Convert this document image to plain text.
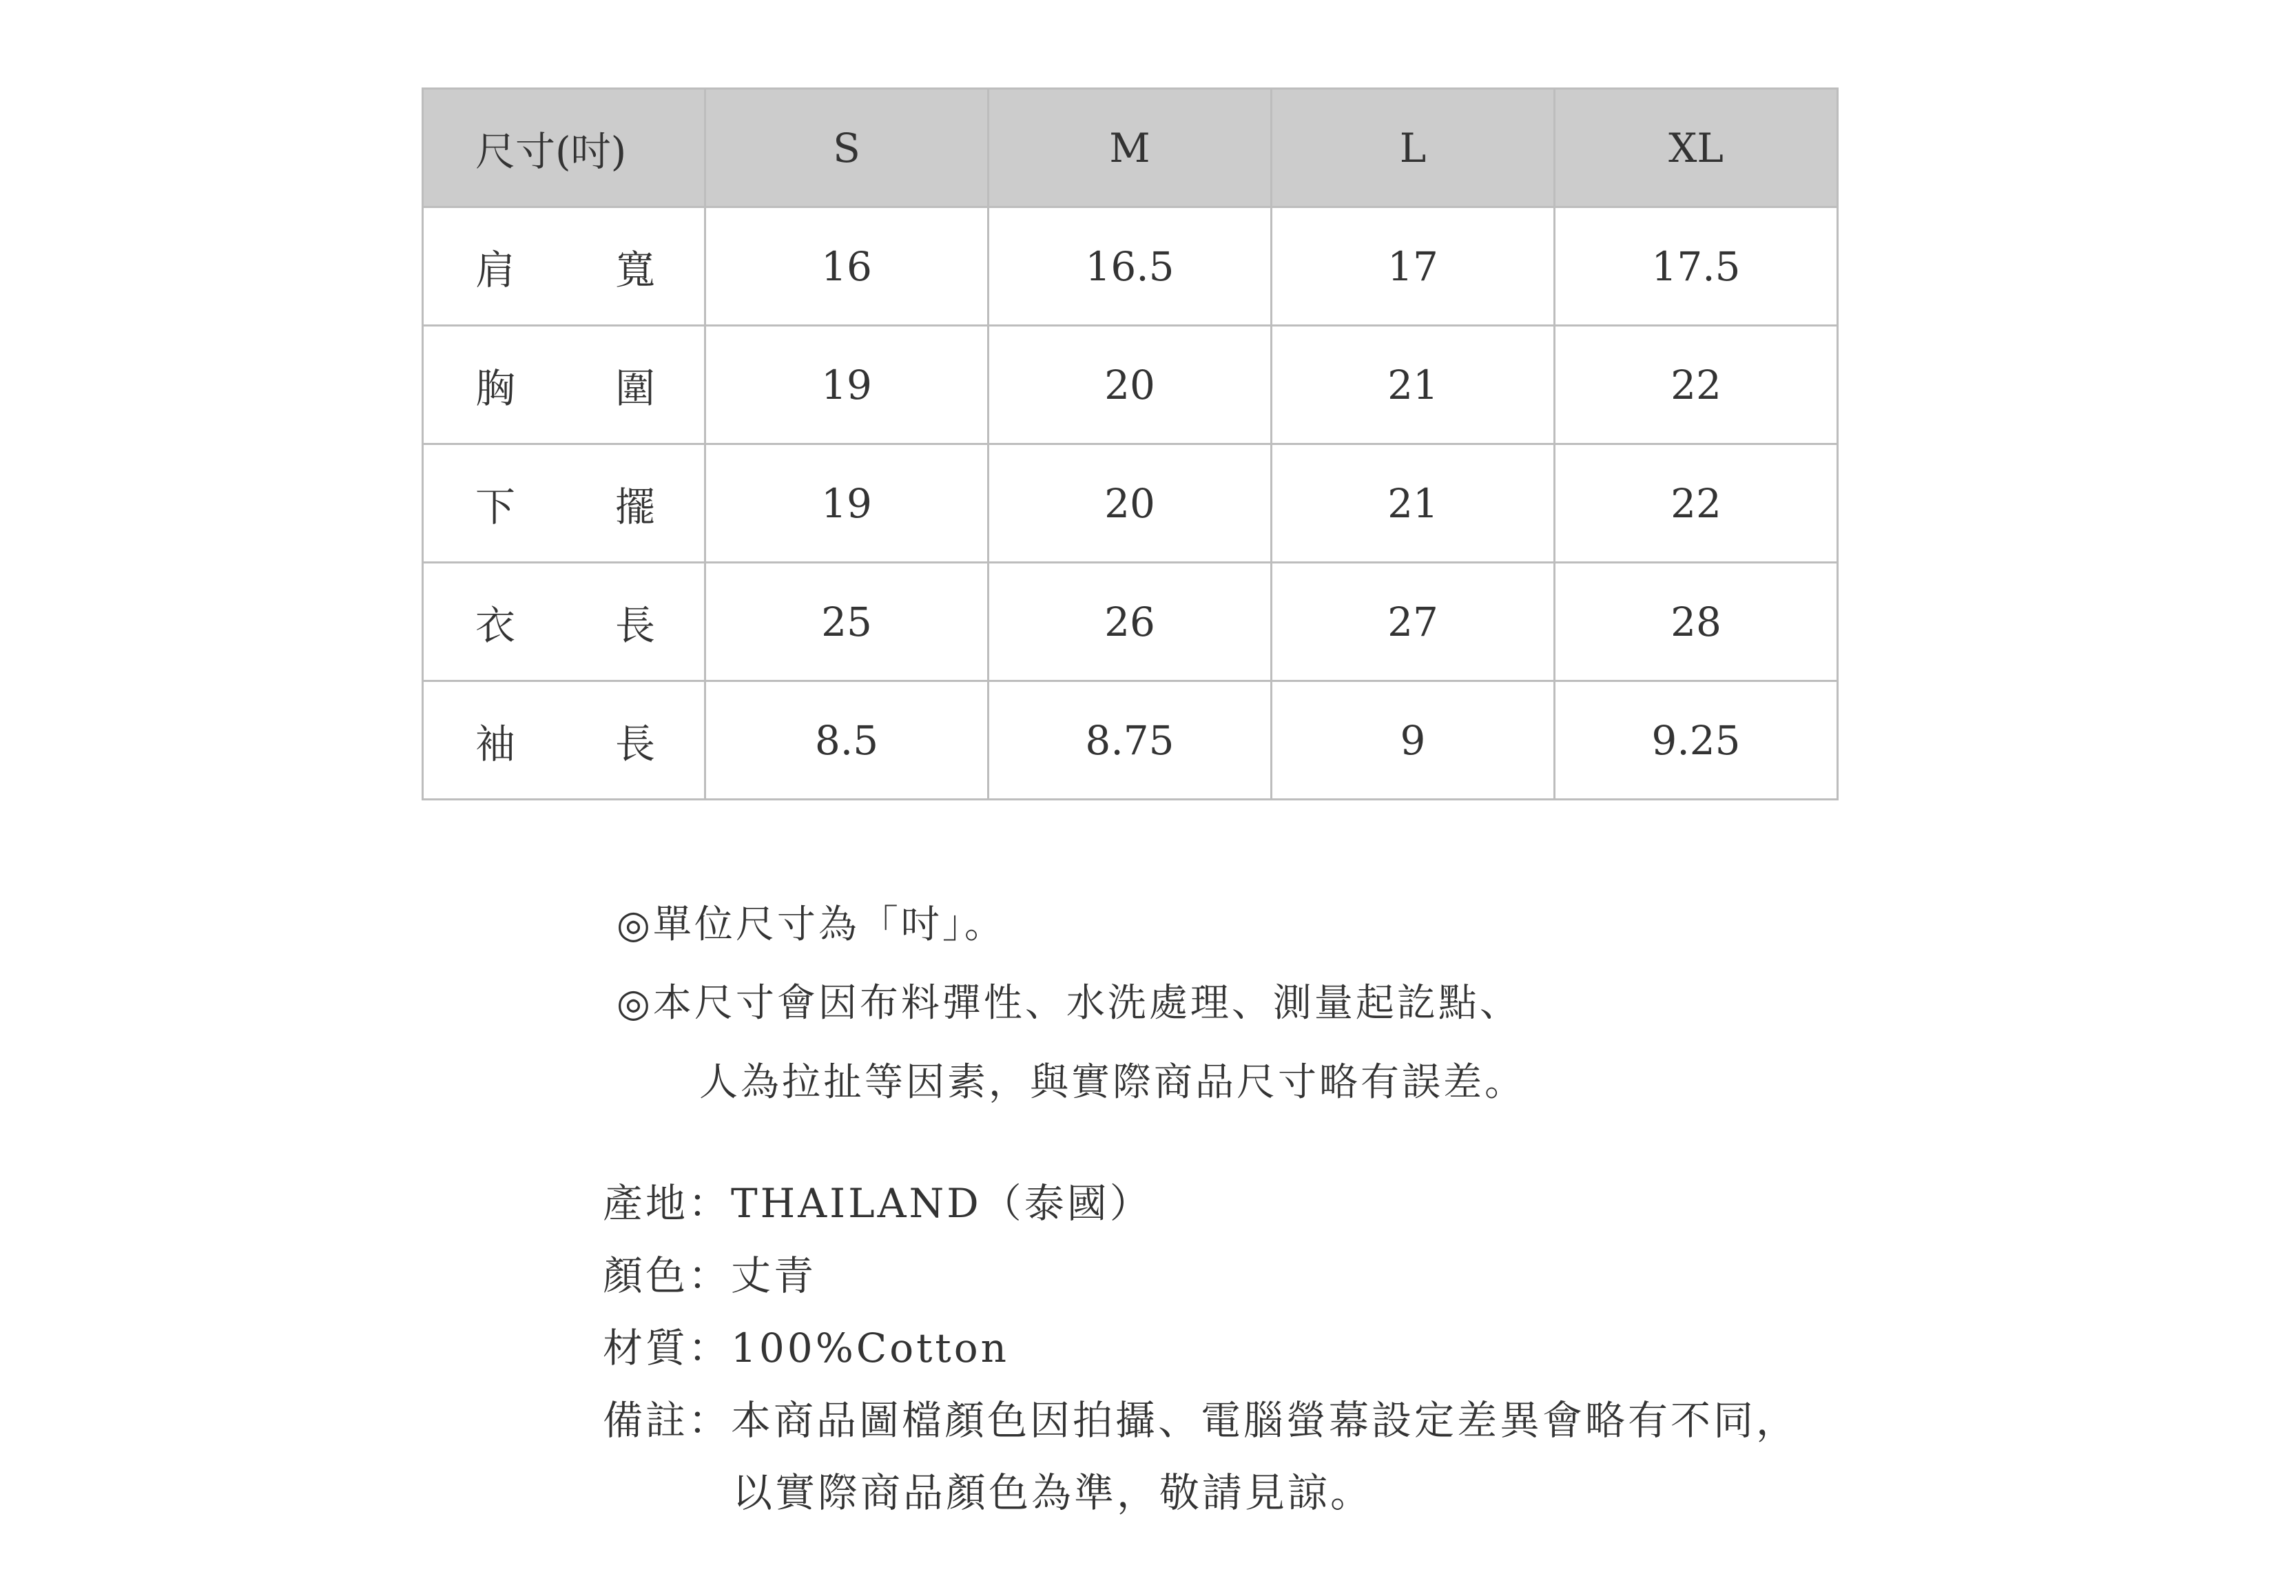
尺寸(吋)	S	M	L	XL

肩 寬	16	16.5	17	17.5

胸 圍	19	20	21	22

下 擺	19	20	21	22

衣 長	25	26	27	28

袖 長	8.5	8.75	9	9.25
◎單位尺寸為「吋」。
◎本尺寸會因布料彈性、水洗處理、測量起訖點、
人為拉扯等因素，與實際商品尺寸略有誤差。
產地：THAILAND（泰國）
顏色：丈青
材質：100%Cotton
備註：本商品圖檔顏色因拍攝、電腦螢幕設定差異會略有不同，
以實際商品顏色為準，敬請見諒。
